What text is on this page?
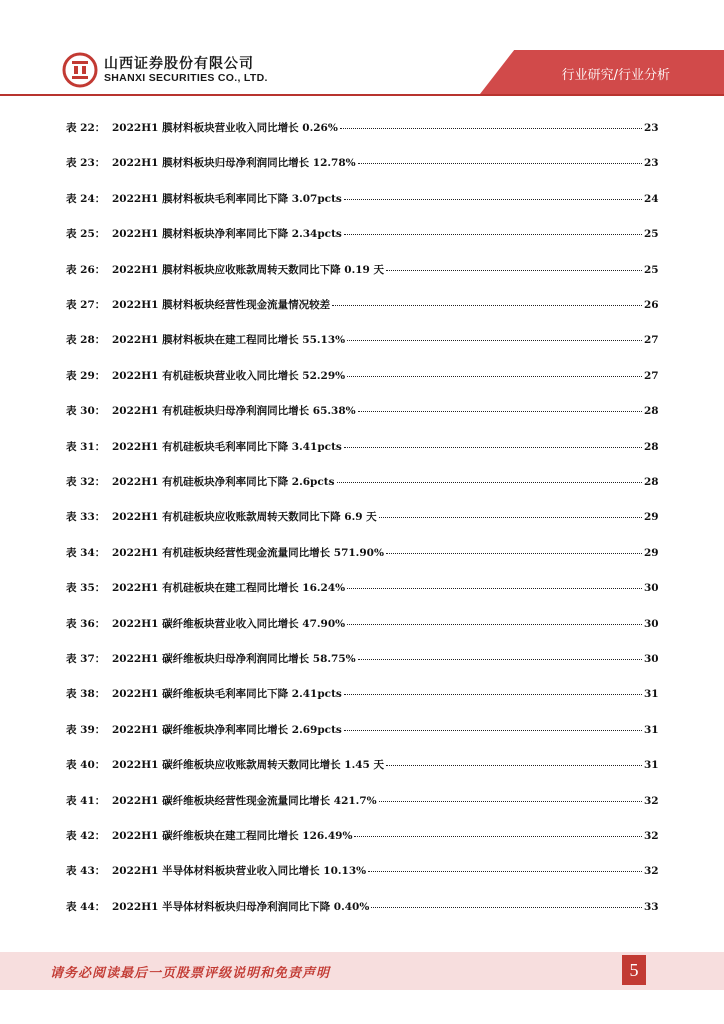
山西证券股份有限公司
SHANXI SECURITIES CO., LTD.	行业研究/行业分析
表 22： 2022H1 膜材料板块营业收入同比增长 0.26%	23
表 23： 2022H1 膜材料板块归母净利润同比增长 12.78%	23
表 24： 2022H1 膜材料板块毛利率同比下降 3.07pcts	24
表 25： 2022H1 膜材料板块净利率同比下降 2.34pcts	25
表 26： 2022H1 膜材料板块应收账款周转天数同比下降 0.19 天	25
表 27： 2022H1 膜材料板块经营性现金流量情况较差	26
表 28： 2022H1 膜材料板块在建工程同比增长 55.13%	27
表 29： 2022H1 有机硅板块营业收入同比增长 52.29%	27
表 30： 2022H1 有机硅板块归母净利润同比增长 65.38%	28
表 31： 2022H1 有机硅板块毛利率同比下降 3.41pcts	28
表 32： 2022H1 有机硅板块净利率同比下降 2.6pcts	28
表 33： 2022H1 有机硅板块应收账款周转天数同比下降 6.9 天	29
表 34： 2022H1 有机硅板块经营性现金流量同比增长 571.90%	29
表 35： 2022H1 有机硅板块在建工程同比增长 16.24%	30
表 36： 2022H1 碳纤维板块营业收入同比增长 47.90%	30
表 37： 2022H1 碳纤维板块归母净利润同比增长 58.75%	30
表 38： 2022H1 碳纤维板块毛利率同比下降 2.41pcts	31
表 39： 2022H1 碳纤维板块净利率同比增长 2.69pcts	31
表 40： 2022H1 碳纤维板块应收账款周转天数同比增长 1.45 天	31
表 41： 2022H1 碳纤维板块经营性现金流量同比增长 421.7%	32
表 42： 2022H1 碳纤维板块在建工程同比增长 126.49%	32
表 43： 2022H1 半导体材料板块营业收入同比增长 10.13%	32
表 44： 2022H1 半导体材料板块归母净利润同比下降 0.40%	33
请务必阅读最后一页股票评级说明和免责声明	5
